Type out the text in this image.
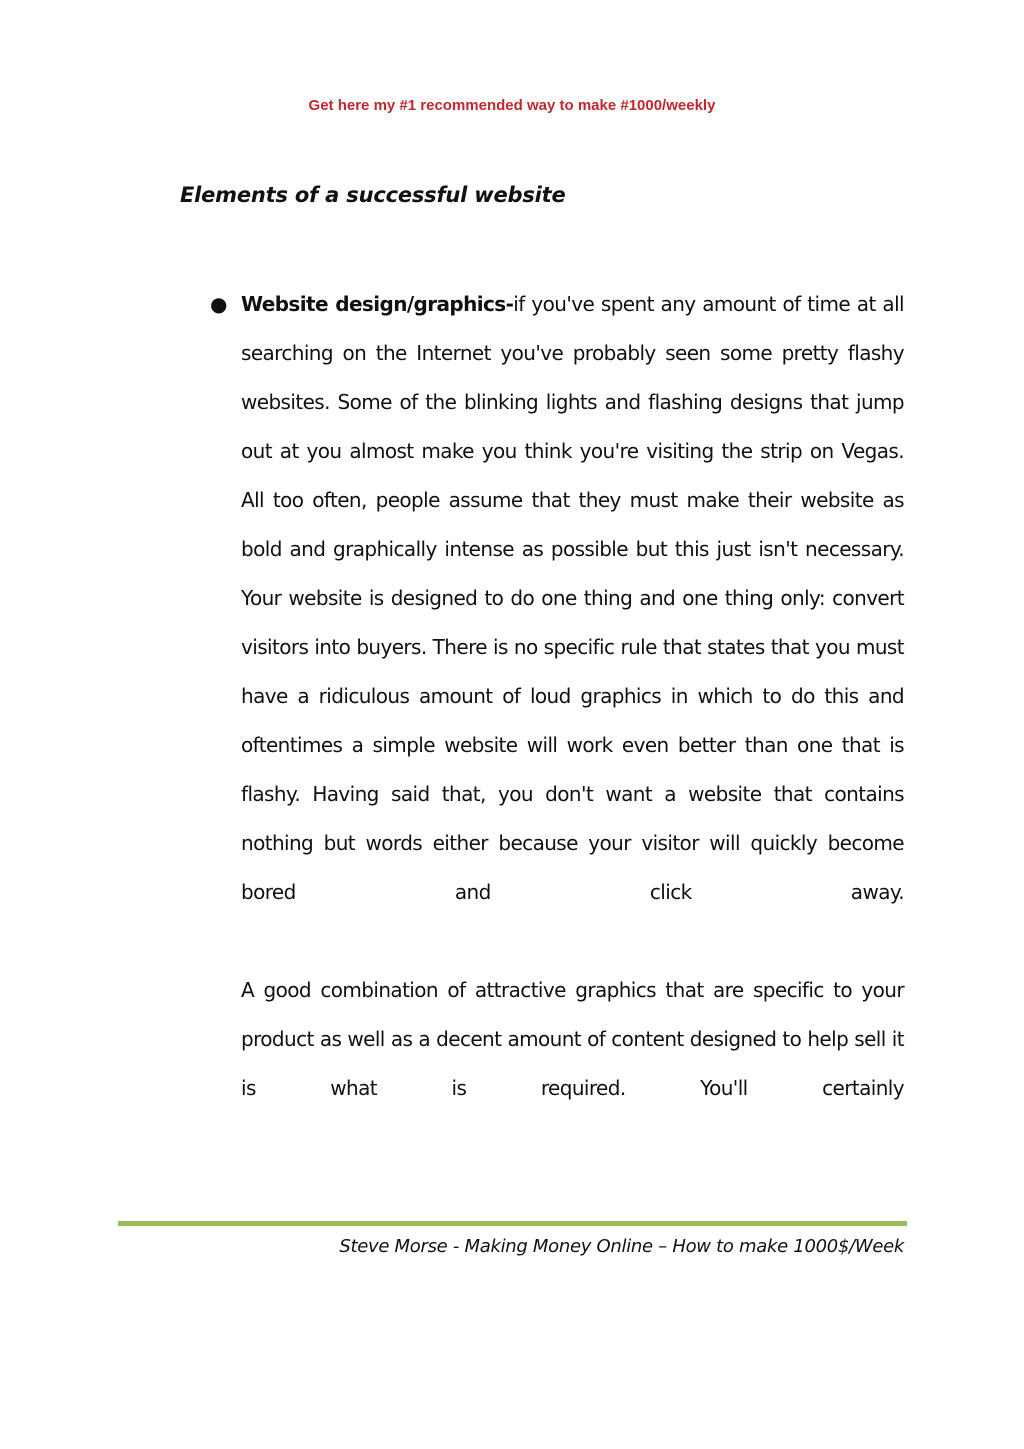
Get here my #1 recommended way to make #1000/weekly
Elements of a successful website

● Website design/graphics-if you've spent any amount of time at all searching on the Internet you've probably seen some pretty flashy websites. Some of the blinking lights and flashing designs that jump out at you almost make you think you're visiting the strip on Vegas. All too often, people assume that they must make their website as bold and graphically intense as possible but this just isn't necessary. Your website is designed to do one thing and one thing only: convert visitors into buyers. There is no specific rule that states that you must have a ridiculous amount of loud graphics in which to do this and oftentimes a simple website will work even better than one that is flashy. Having said that, you don't want a website that contains nothing but words either because your visitor will quickly become bored and click away.

A good combination of attractive graphics that are specific to your product as well as a decent amount of content designed to help sell it is what is required. You'll certainly

Steve Morse - Making Money Online – How to make 1000$/Week
